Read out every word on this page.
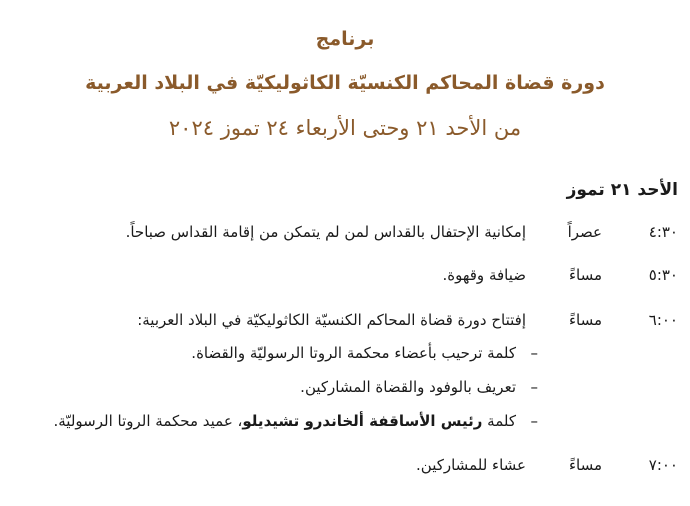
برنامج
دورة قضاة المحاكم الكنسيّة الكاثوليكيّة في البلاد العربية
من الأحد ٢١ وحتى الأربعاء ٢٤ تموز ٢٠٢٤
الأحد ٢١ تموز
٤:٣٠
عصراً
إمكانية الإحتفال بالقداس لمن لم يتمكن من إقامة القداس صباحاً.
٥:٣٠
مساءً
ضيافة وقهوة.
٦:٠٠
مساءً
إفتتاح دورة قضاة المحاكم الكنسيّة الكاثوليكيّة في البلاد العربية:
–كلمة ترحيب بأعضاء محكمة الروتا الرسوليّة والقضاة.
–تعريف بالوفود والقضاة المشاركين.
–كلمة رئيس الأساقفة ألخاندرو تشيديلو، عميد محكمة الروتا الرسوليّة.
٧:٠٠
مساءً
عشاء للمشاركين.
